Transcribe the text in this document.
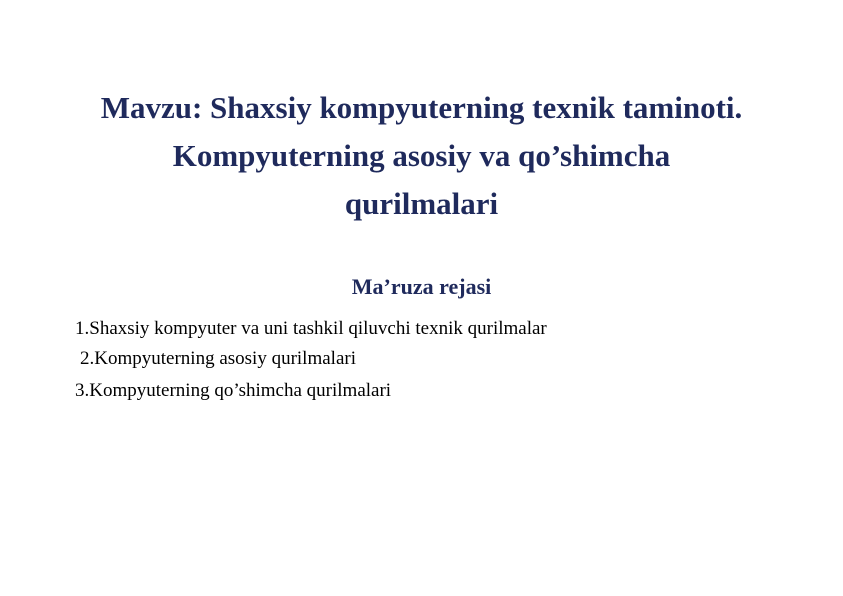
Mavzu: Shaxsiy kompyuterning texnik taminoti.
Kompyuterning asosiy va qo’shimcha
qurilmalari
Ma’ruza rejasi
1.Shaxsiy kompyuter va uni tashkil qiluvchi texnik qurilmalar
2.Kompyuterning asosiy qurilmalari
3.Kompyuterning qo’shimcha qurilmalari
